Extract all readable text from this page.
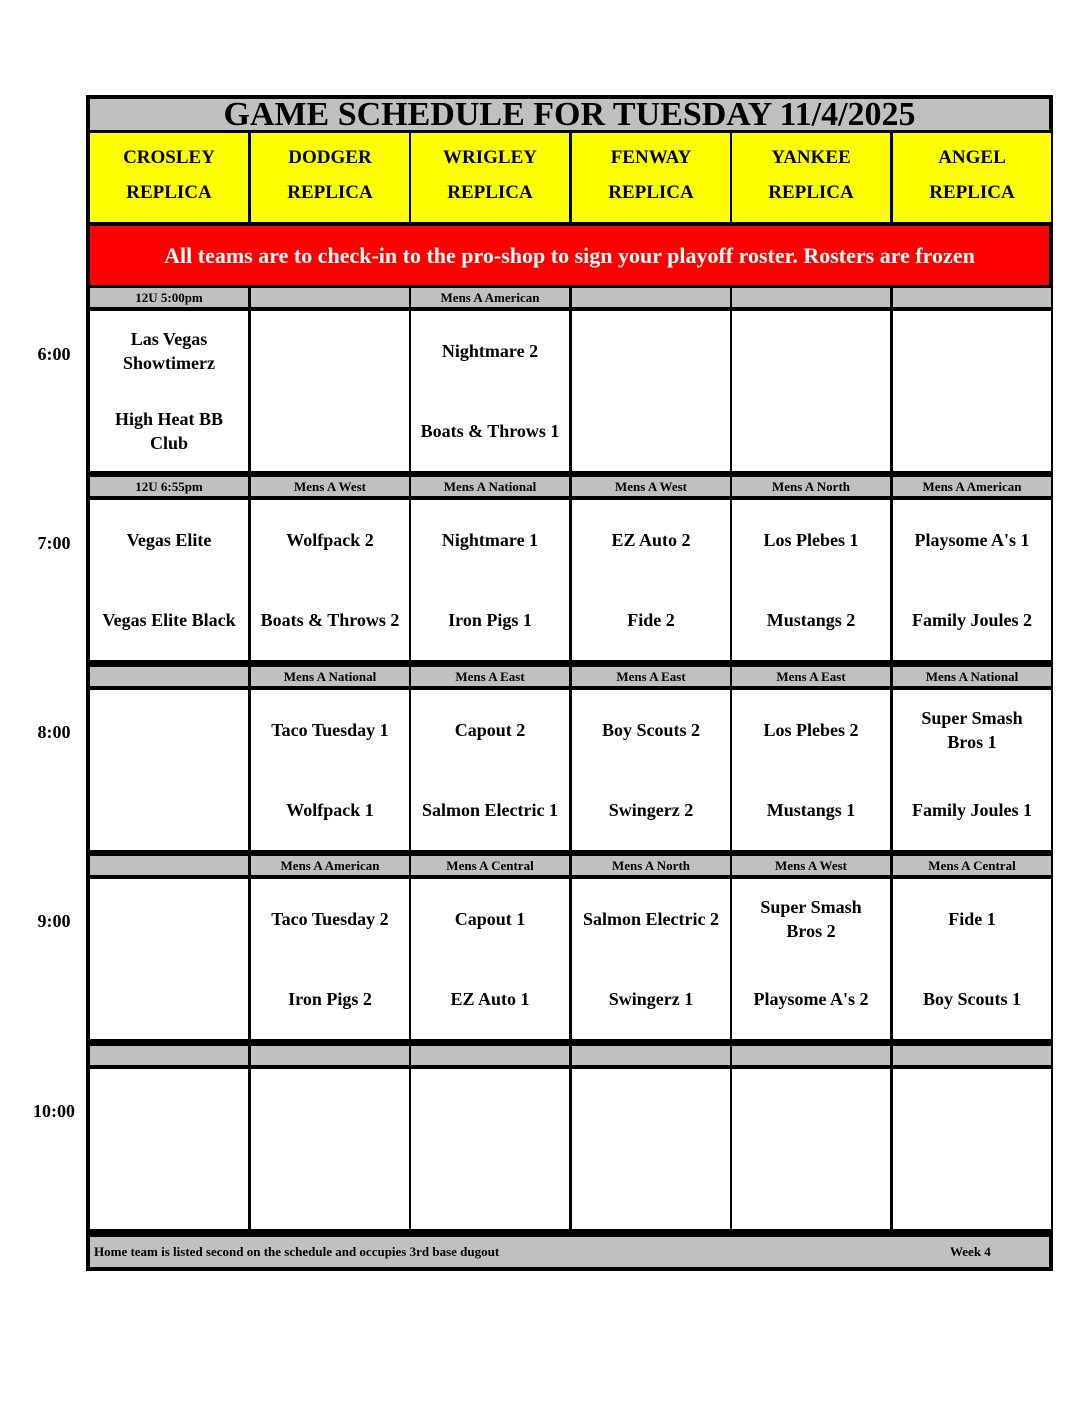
GAME SCHEDULE FOR TUESDAY 11/4/2025
CROSLEY
REPLICA
DODGER
REPLICA
WRIGLEY
REPLICA
FENWAY
REPLICA
YANKEE
REPLICA
ANGEL
REPLICA
All teams are to check-in to the pro-shop to sign your playoff roster. Rosters are frozen
12U 5:00pm
Las Vegas
Showtimerz
High Heat BB
Club
Mens A American
Nightmare 2
Boats & Throws 1
12U 6:55pm
Vegas Elite
Vegas Elite Black
Mens A West
Wolfpack 2
Boats & Throws 2
Mens A National
Nightmare 1
Iron Pigs 1
Mens A West
EZ Auto 2
Fide 2
Mens A North
Los Plebes 1
Mustangs 2
Mens A American
Playsome A's 1
Family Joules 2
Mens A National
Taco Tuesday 1
Wolfpack 1
Mens A East
Capout 2
Salmon Electric 1
Mens A East
Boy Scouts 2
Swingerz 2
Mens A East
Los Plebes 2
Mustangs 1
Mens A National
Super Smash
Bros 1
Family Joules 1
Mens A American
Taco Tuesday 2
Iron Pigs 2
Mens A Central
Capout 1
EZ Auto 1
Mens A North
Salmon Electric 2
Swingerz 1
Mens A West
Super Smash
Bros 2
Playsome A's 2
Mens A Central
Fide 1
Boy Scouts 1
Home team is listed second on the schedule and occupies 3rd base dugout	Week 4
6:00
7:00
8:00
9:00
10:00
